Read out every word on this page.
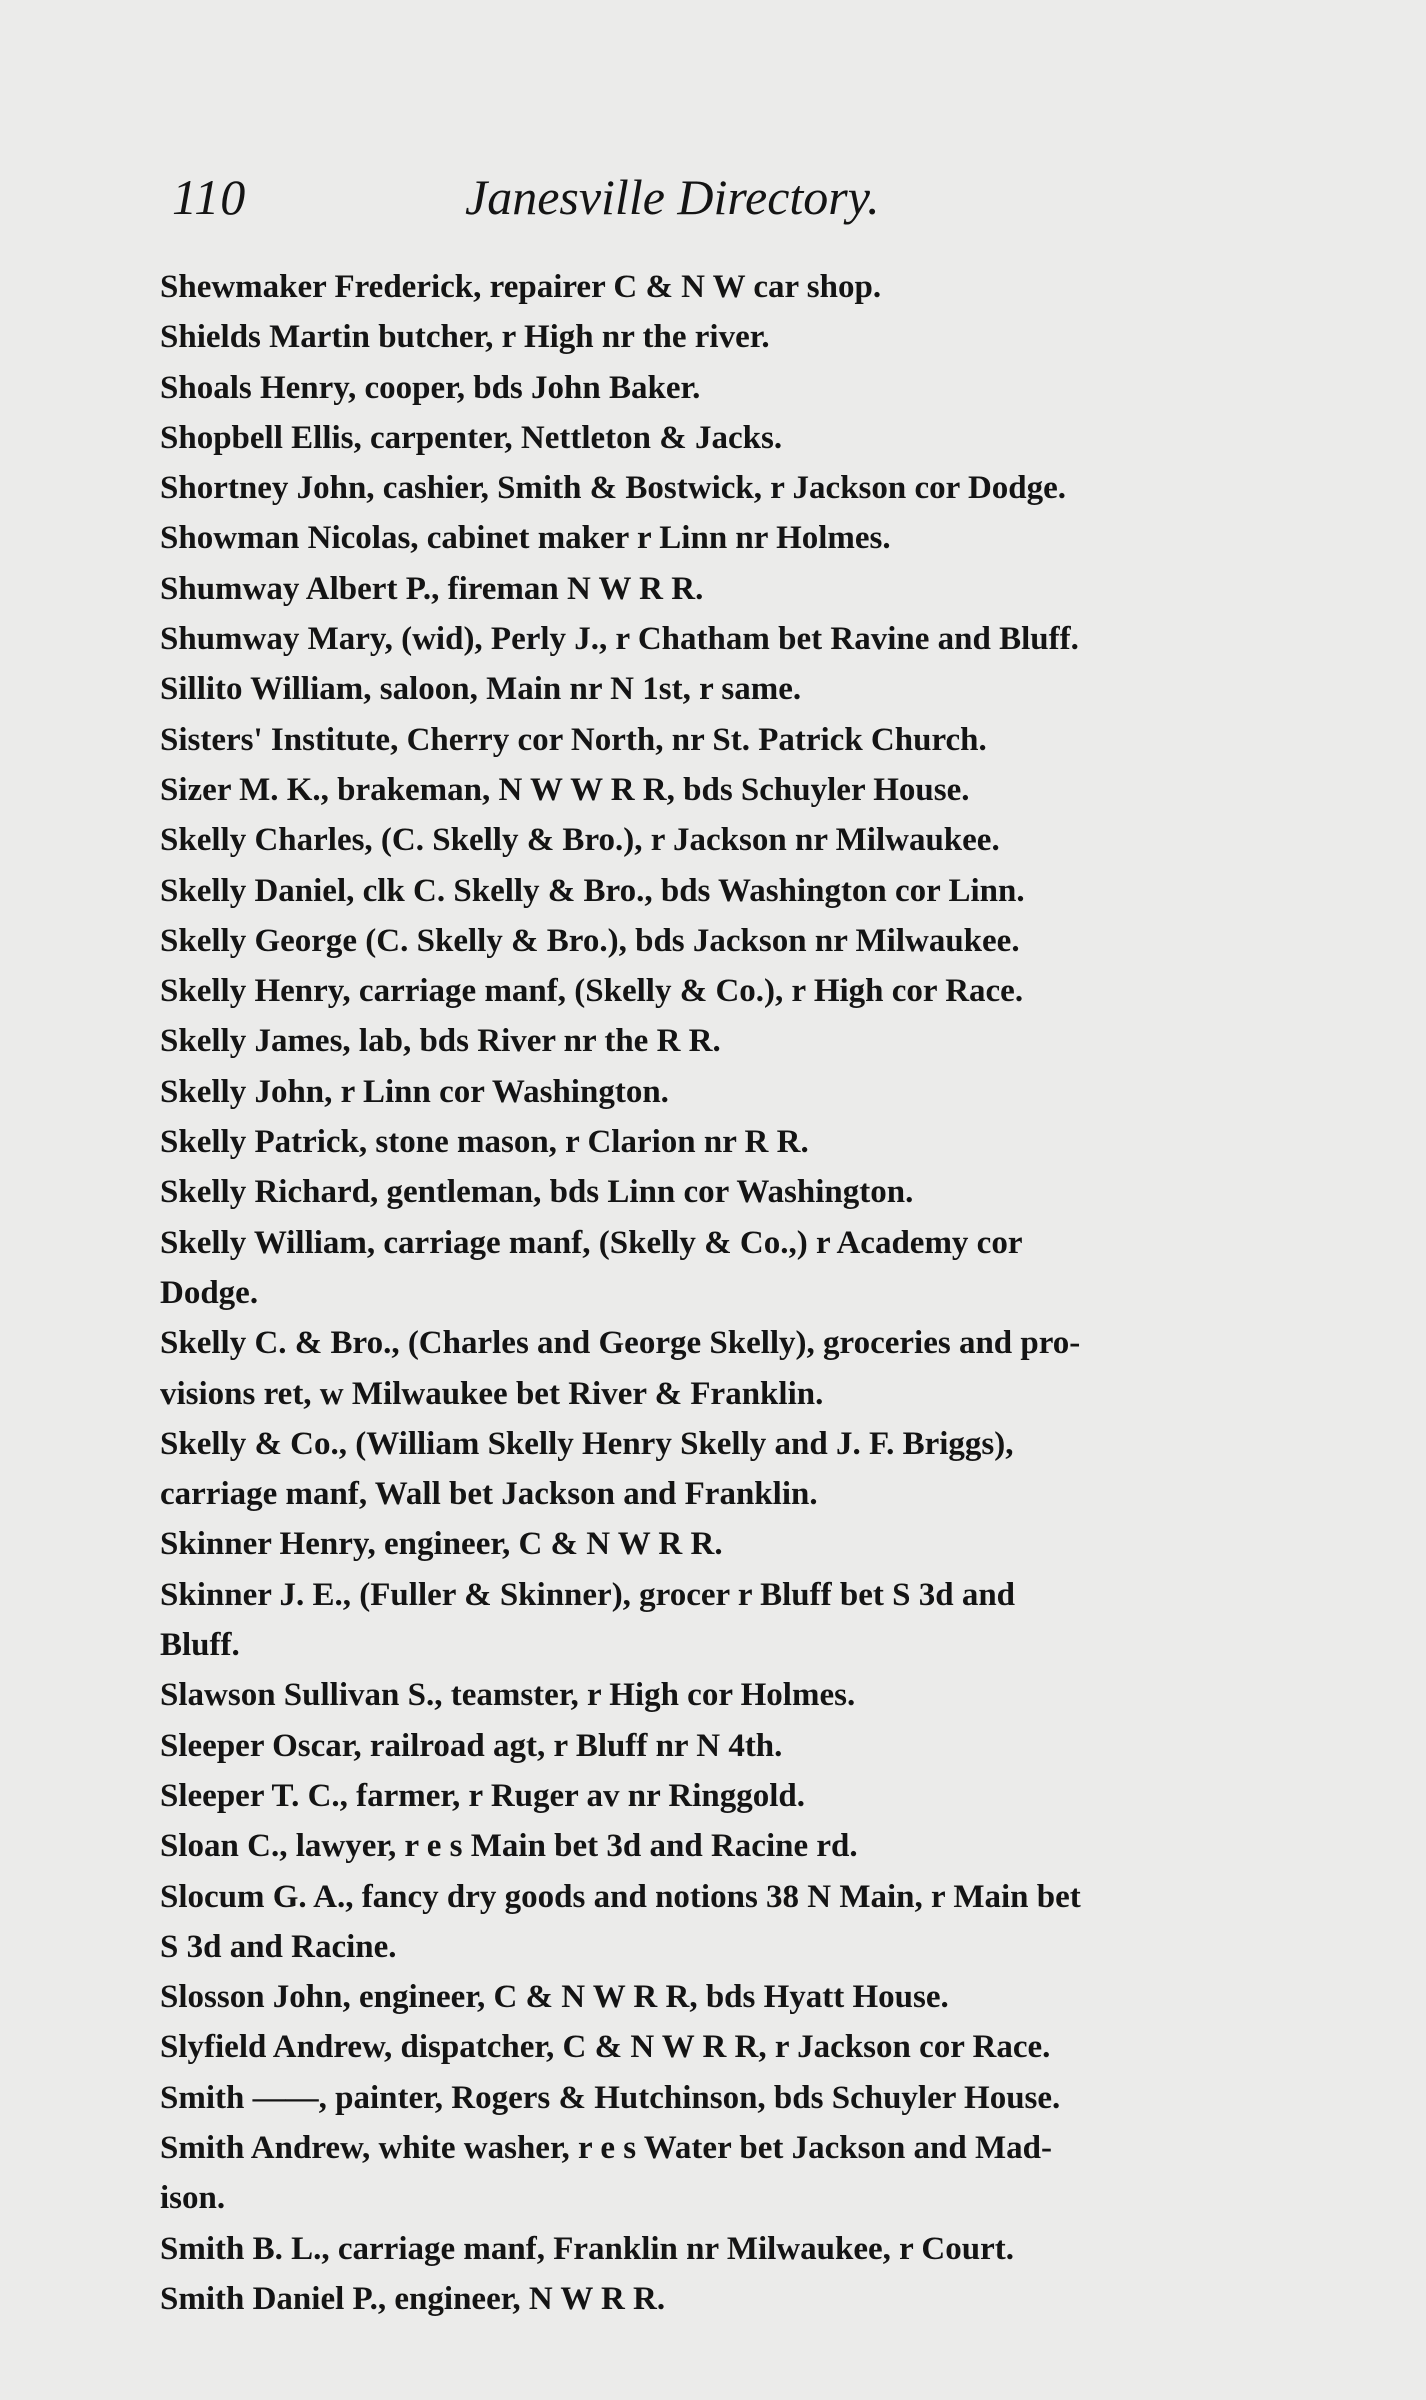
110	Janesville Directory.
Shewmaker Frederick, repairer C & N W car shop.
Shields Martin butcher, r High nr the river.
Shoals Henry, cooper, bds John Baker.
Shopbell Ellis, carpenter, Nettleton & Jacks.
Shortney John, cashier, Smith & Bostwick, r Jackson cor Dodge.
Showman Nicolas, cabinet maker r Linn nr Holmes.
Shumway Albert P., fireman N W R R.
Shumway Mary, (wid), Perly J., r Chatham bet Ravine and Bluff.
Sillito William, saloon, Main nr N 1st, r same.
Sisters' Institute, Cherry cor North, nr St. Patrick Church.
Sizer M. K., brakeman, N W W R R, bds Schuyler House.
Skelly Charles, (C. Skelly & Bro.), r Jackson nr Milwaukee.
Skelly Daniel, clk C. Skelly & Bro., bds Washington cor Linn.
Skelly George (C. Skelly & Bro.), bds Jackson nr Milwaukee.
Skelly Henry, carriage manf, (Skelly & Co.), r High cor Race.
Skelly James, lab, bds River nr the R R.
Skelly John, r Linn cor Washington.
Skelly Patrick, stone mason, r Clarion nr R R.
Skelly Richard, gentleman, bds Linn cor Washington.
Skelly William, carriage manf, (Skelly & Co.,) r Academy cor
Dodge.
Skelly C. & Bro., (Charles and George Skelly), groceries and pro-
visions ret, w Milwaukee bet River & Franklin.
Skelly & Co., (William Skelly Henry Skelly and J. F. Briggs),
carriage manf, Wall bet Jackson and Franklin.
Skinner Henry, engineer, C & N W R R.
Skinner J. E., (Fuller & Skinner), grocer r Bluff bet S 3d and
Bluff.
Slawson Sullivan S., teamster, r High cor Holmes.
Sleeper Oscar, railroad agt, r Bluff nr N 4th.
Sleeper T. C., farmer, r Ruger av nr Ringgold.
Sloan C., lawyer, r e s Main bet 3d and Racine rd.
Slocum G. A., fancy dry goods and notions 38 N Main, r Main bet
S 3d and Racine.
Slosson John, engineer, C & N W R R, bds Hyatt House.
Slyfield Andrew, dispatcher, C & N W R R, r Jackson cor Race.
Smith ——, painter, Rogers & Hutchinson, bds Schuyler House.
Smith Andrew, white washer, r e s Water bet Jackson and Mad-
ison.
Smith B. L., carriage manf, Franklin nr Milwaukee, r Court.
Smith Daniel P., engineer, N W R R.
